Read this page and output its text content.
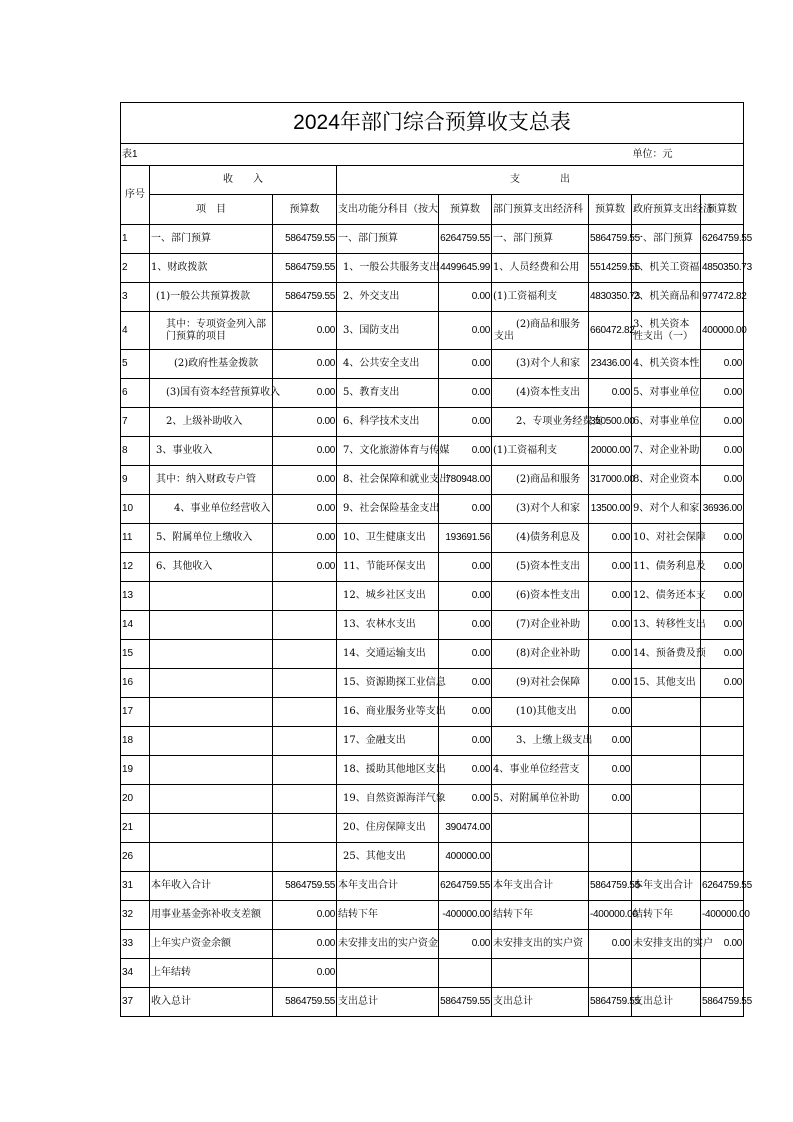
2024年部门综合预算收支总表								
表1							单位：元	
序号	收　　入		支　　　　出					
	项　目	预算数	支出功能分科目（按大	预算数	部门预算支出经济科	预算数	政府预算支出经济	预算数
1	一、部门预算	5864759.55	一、部门预算	6264759.55	一、部门预算	5864759.55	一、部门预算	6264759.55
2	1、财政拨款	5864759.55	1、一般公共服务支出	4499645.99	1、人员经费和公用	5514259.55	1、机关工资福	4850350.73
3	(1)一般公共预算拨款	5864759.55	2、外交支出	0.00	(1)工资福利支	4830350.73	2、机关商品和	977472.82
4	其中：专项资金列入部门预算的项目	0.00	3、国防支出	0.00	(2)商品和服务支出	660472.82	3、机关资本性支出（一）	400000.00
5	(2)政府性基金拨款	0.00	4、公共安全支出	0.00	(3)对个人和家	23436.00	4、机关资本性	0.00
6	(3)国有资本经营预算收入	0.00	5、教育支出	0.00	(4)资本性支出	0.00	5、对事业单位	0.00
7	2、上级补助收入	0.00	6、科学技术支出	0.00	2、专项业务经费支	350500.00	6、对事业单位	0.00
8	3、事业收入	0.00	7、文化旅游体育与传媒	0.00	(1)工资福利支	20000.00	7、对企业补助	0.00
9	其中：纳入财政专户管	0.00	8、社会保障和就业支出	780948.00	(2)商品和服务	317000.00	8、对企业资本	0.00
10	4、事业单位经营收入	0.00	9、社会保险基金支出	0.00	(3)对个人和家	13500.00	9、对个人和家	36936.00
11	5、附属单位上缴收入	0.00	10、卫生健康支出	193691.56	(4)债务利息及	0.00	10、对社会保障	0.00
12	6、其他收入	0.00	11、节能环保支出	0.00	(5)资本性支出	0.00	11、债务利息及	0.00
13			12、城乡社区支出	0.00	(6)资本性支出	0.00	12、债务还本支	0.00
14			13、农林水支出	0.00	(7)对企业补助	0.00	13、转移性支出	0.00
15			14、交通运输支出	0.00	(8)对企业补助	0.00	14、预备费及预	0.00
16			15、资源勘探工业信息	0.00	(9)对社会保障	0.00	15、其他支出	0.00
17			16、商业服务业等支出	0.00	(10)其他支出	0.00		
18			17、金融支出	0.00	3、上缴上级支出	0.00		
19			18、援助其他地区支出	0.00	4、事业单位经营支	0.00		
20			19、自然资源海洋气象	0.00	5、对附属单位补助	0.00		
21			20、住房保障支出	390474.00				
26			25、其他支出	400000.00				
31	本年收入合计	5864759.55	本年支出合计	6264759.55	本年支出合计	5864759.55	本年支出合计	6264759.55
32	用事业基金弥补收支差额	0.00	结转下年	-400000.00	结转下年	-400000.00	结转下年	-400000.00
33	上年实户资金余额	0.00	未安排支出的实户资金	0.00	未安排支出的实户资	0.00	未安排支出的实户	0.00
34	上年结转	0.00						
37	收入总计	5864759.55	支出总计	5864759.55	支出总计	5864759.55	支出总计	5864759.55
